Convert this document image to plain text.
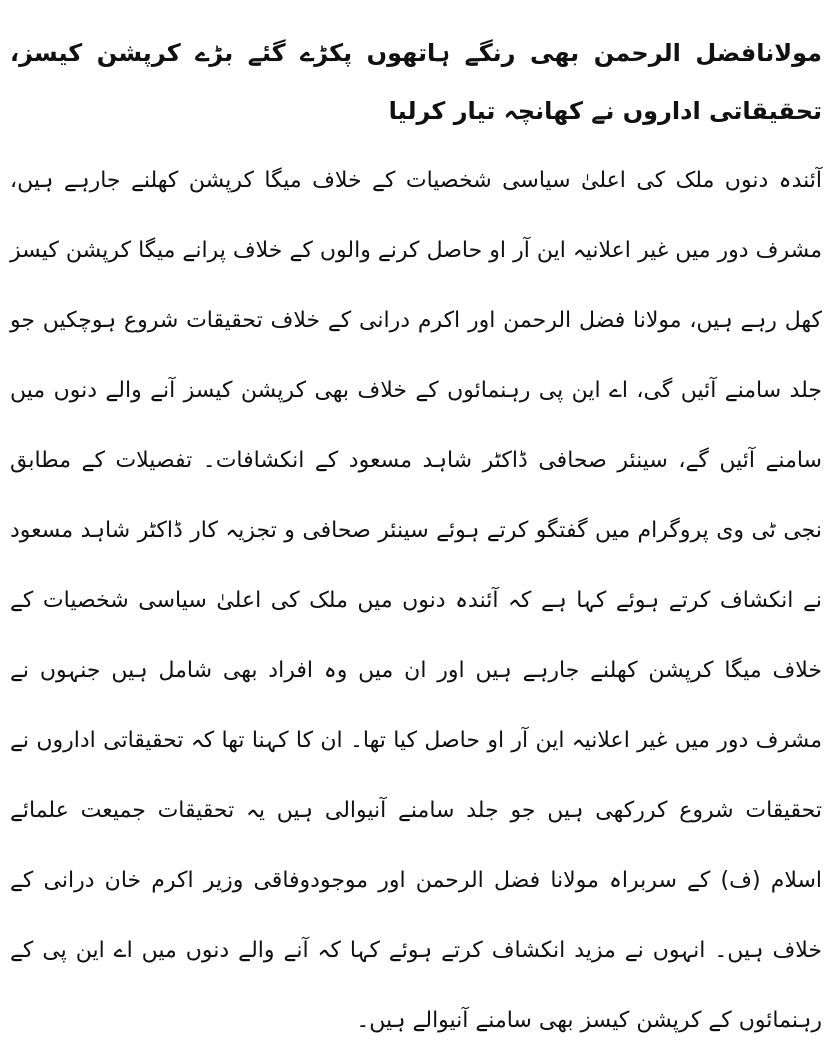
مولانافضل الرحمن بھی رنگے ہاتھوں پکڑے گئے بڑے کرپشن کیسز، تحقیقاتی اداروں نے کھانچہ تیار کرلیا

آئندہ دنوں ملک کی اعلیٰ سیاسی شخصیات کے خلاف میگا کرپشن کھلنے جارہے ہیں، مشرف دور میں غیر اعلانیہ این آر او حاصل کرنے والوں کے خلاف پرانے میگا کرپشن کیسز کھل رہے ہیں، مولانا فضل الرحمن اور اکرم درانی کے خلاف تحقیقات شروع ہوچکیں جو جلد سامنے آئیں گی، اے این پی رہنمائوں کے خلاف بھی کرپشن کیسز آنے والے دنوں میں سامنے آئیں گے، سینئر صحافی ڈاکٹر شاہد مسعود کے انکشافات۔ تفصیلات کے مطابق نجی ٹی وی پروگرام میں گفتگو کرتے ہوئے سینئر صحافی و تجزیہ کار ڈاکٹر شاہد مسعود نے انکشاف کرتے ہوئے کہا ہے کہ آئندہ دنوں میں ملک کی اعلیٰ سیاسی شخصیات کے خلاف میگا کرپشن کھلنے جارہے ہیں اور ان میں وہ افراد بھی شامل ہیں جنہوں نے مشرف دور میں غیر اعلانیہ این آر او حاصل کیا تھا۔ ان کا کہنا تھا کہ تحقیقاتی اداروں نے تحقیقات شروع کررکھی ہیں جو جلد سامنے آنیوالی ہیں یہ تحقیقات جمیعت علمائے اسلام (ف) کے سربراہ مولانا فضل الرحمن اور موجودوفاقی وزیر اکرم خان درانی کے خلاف ہیں۔ انہوں نے مزید انکشاف کرتے ہوئے کہا کہ آنے والے دنوں میں اے این پی کے رہنمائوں کے کرپشن کیسز بھی سامنے آنیوالے ہیں۔
